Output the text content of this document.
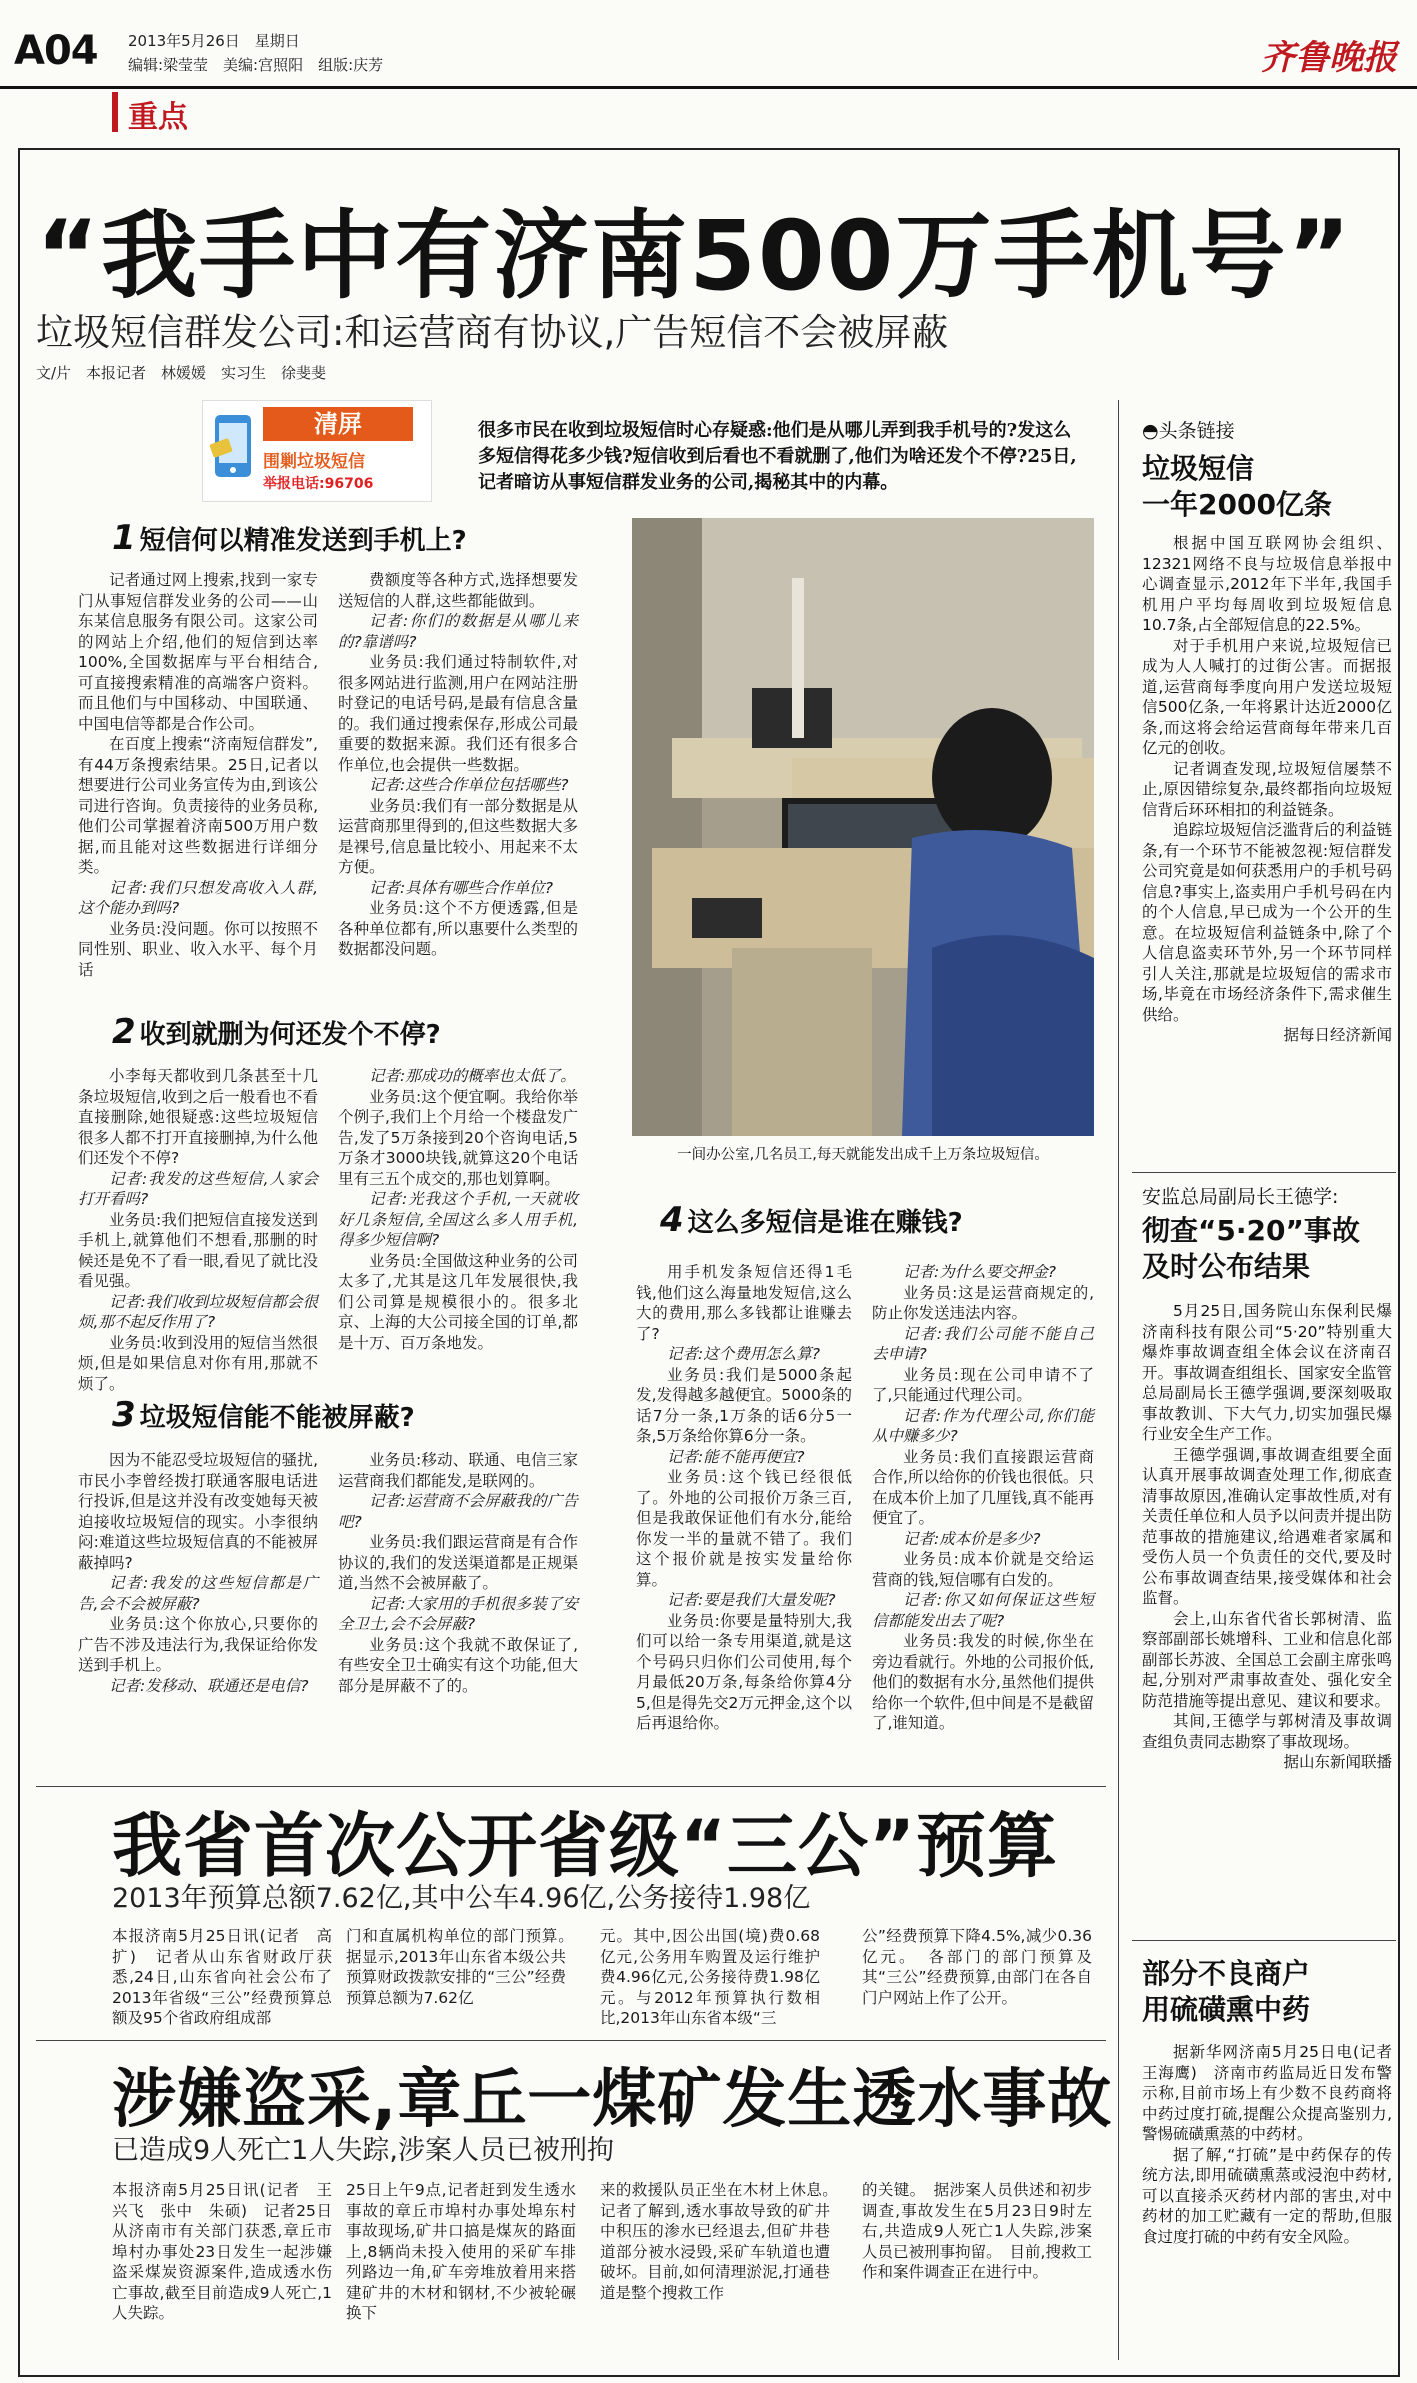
A04 2013年5月26日　星期日
编辑:梁莹莹　美编:宫照阳　组版:庆芳	齐鲁晚报
重点
“我手中有济南500万手机号”
垃圾短信群发公司:和运营商有协议,广告短信不会被屏蔽
文/片　本报记者　林媛媛　实习生　徐斐斐
清屏
围剿垃圾短信
举报电话:96706
很多市民在收到垃圾短信时心存疑惑:他们是从哪儿弄到我手机号的?发这么多短信得花多少钱?短信收到后看也不看就删了,他们为啥还发个不停?25日,记者暗访从事短信群发业务的公司,揭秘其中的内幕。
1 短信何以精准发送到手机上?

记者通过网上搜索,找到一家专门从事短信群发业务的公司——山东某信息服务有限公司。这家公司的网站上介绍,他们的短信到达率100%,全国数据库与平台相结合,可直接搜索精准的高端客户资料。而且他们与中国移动、中国联通、中国电信等都是合作公司。

在百度上搜索“济南短信群发”,有44万条搜索结果。25日,记者以想要进行公司业务宣传为由,到该公司进行咨询。负责接待的业务员称,他们公司掌握着济南500万用户数据,而且能对这些数据进行详细分类。

记者:我们只想发高收入人群,这个能办到吗?

业务员:没问题。你可以按照不同性别、职业、收入水平、每个月话

费额度等各种方式,选择想要发送短信的人群,这些都能做到。

记者:你们的数据是从哪儿来的?靠谱吗?

业务员:我们通过特制软件,对很多网站进行监测,用户在网站注册时登记的电话号码,是最有信息含量的。我们通过搜索保存,形成公司最重要的数据来源。我们还有很多合作单位,也会提供一些数据。

记者:这些合作单位包括哪些?

业务员:我们有一部分数据是从运营商那里得到的,但这些数据大多是裸号,信息量比较小、用起来不太方便。

记者:具体有哪些合作单位?

业务员:这个不方便透露,但是各种单位都有,所以惠要什么类型的数据都没问题。

一间办公室,几名员工,每天就能发出成千上万条垃圾短信。
2 收到就删为何还发个不停?

小李每天都收到几条甚至十几条垃圾短信,收到之后一般看也不看直接删除,她很疑惑:这些垃圾短信很多人都不打开直接删掉,为什么他们还发个不停?

记者:我发的这些短信,人家会打开看吗?

业务员:我们把短信直接发送到手机上,就算他们不想看,那删的时候还是免不了看一眼,看见了就比没看见强。

记者:我们收到垃圾短信都会很烦,那不起反作用了?

业务员:收到没用的短信当然很烦,但是如果信息对你有用,那就不烦了。

记者:那成功的概率也太低了。

业务员:这个便宜啊。我给你举个例子,我们上个月给一个楼盘发广告,发了5万条接到20个咨询电话,5万条才3000块钱,就算这20个电话里有三五个成交的,那也划算啊。

记者:光我这个手机,一天就收好几条短信,全国这么多人用手机,得多少短信啊?

业务员:全国做这种业务的公司太多了,尤其是这几年发展很快,我们公司算是规模很小的。很多北京、上海的大公司接全国的订单,都是十万、百万条地发。

3 垃圾短信能不能被屏蔽?

因为不能忍受垃圾短信的骚扰,市民小李曾经拨打联通客服电话进行投诉,但是这并没有改变她每天被迫接收垃圾短信的现实。小李很纳闷:难道这些垃圾短信真的不能被屏蔽掉吗?

记者:我发的这些短信都是广告,会不会被屏蔽?

业务员:这个你放心,只要你的广告不涉及违法行为,我保证给你发送到手机上。

记者:发移动、联通还是电信?

业务员:移动、联通、电信三家运营商我们都能发,是联网的。

记者:运营商不会屏蔽我的广告吧?

业务员:我们跟运营商是有合作协议的,我们的发送渠道都是正规渠道,当然不会被屏蔽了。

记者:大家用的手机很多装了安全卫士,会不会屏蔽?

业务员:这个我就不敢保证了,有些安全卫士确实有这个功能,但大部分是屏蔽不了的。

4 这么多短信是谁在赚钱?

用手机发条短信还得1毛钱,他们这么海量地发短信,这么大的费用,那么多钱都让谁赚去了?

记者:这个费用怎么算?

业务员:我们是5000条起发,发得越多越便宜。5000条的话7分一条,1万条的话6分5一条,5万条给你算6分一条。

记者:能不能再便宜?

业务员:这个钱已经很低了。外地的公司报价万条三百,但是我敢保证他们有水分,能给你发一半的量就不错了。我们这个报价就是按实发量给你算。

记者:要是我们大量发呢?

业务员:你要是量特别大,我们可以给一条专用渠道,就是这个号码只归你们公司使用,每个月最低20万条,每条给你算4分5,但是得先交2万元押金,这个以后再退给你。

记者:为什么要交押金?

业务员:这是运营商规定的,防止你发送违法内容。

记者:我们公司能不能自己去申请?

业务员:现在公司申请不了了,只能通过代理公司。

记者:作为代理公司,你们能从中赚多少?

业务员:我们直接跟运营商合作,所以给你的价钱也很低。只在成本价上加了几厘钱,真不能再便宜了。

记者:成本价是多少?

业务员:成本价就是交给运营商的钱,短信哪有白发的。

记者:你又如何保证这些短信都能发出去了呢?

业务员:我发的时候,你坐在旁边看就行。外地的公司报价低,他们的数据有水分,虽然他们提供给你一个软件,但中间是不是截留了,谁知道。

◓头条链接
垃圾短信
一年2000亿条

根据中国互联网协会组织、12321网络不良与垃圾信息举报中心调查显示,2012年下半年,我国手机用户平均每周收到垃圾短信息10.7条,占全部短信息的22.5%。

对于手机用户来说,垃圾短信已成为人人喊打的过街公害。而据报道,运营商每季度向用户发送垃圾短信500亿条,一年将累计达近2000亿条,而这将会给运营商每年带来几百亿元的创收。

记者调查发现,垃圾短信屡禁不止,原因错综复杂,最终都指向垃圾短信背后环环相扣的利益链条。

追踪垃圾短信泛滥背后的利益链条,有一个环节不能被忽视:短信群发公司究竟是如何获悉用户的手机号码信息?事实上,盗卖用户手机号码在内的个人信息,早已成为一个公开的生意。在垃圾短信利益链条中,除了个人信息盗卖环节外,另一个环节同样引人关注,那就是垃圾短信的需求市场,毕竟在市场经济条件下,需求催生供给。

据每日经济新闻
安监总局副局长王德学:
彻查“5·20”事故
及时公布结果

5月25日,国务院山东保利民爆济南科技有限公司“5·20”特别重大爆炸事故调查组全体会议在济南召开。事故调查组组长、国家安全监管总局副局长王德学强调,要深刻吸取事故教训、下大气力,切实加强民爆行业安全生产工作。

王德学强调,事故调查组要全面认真开展事故调查处理工作,彻底查清事故原因,准确认定事故性质,对有关责任单位和人员予以问责并提出防范事故的措施建议,给遇难者家属和受伤人员一个负责任的交代,要及时公布事故调查结果,接受媒体和社会监督。

会上,山东省代省长郭树清、监察部副部长姚增科、工业和信息化部副部长苏波、全国总工会副主席张鸣起,分别对严肃事故查处、强化安全防范措施等提出意见、建议和要求。

其间,王德学与郭树清及事故调查组负责同志勘察了事故现场。

据山东新闻联播
部分不良商户
用硫磺熏中药

据新华网济南5月25日电(记者　王海鹰)　济南市药监局近日发布警示称,目前市场上有少数不良药商将中药过度打硫,提醒公众提高鉴别力,警惕硫磺熏蒸的中药材。

据了解,“打硫”是中药保存的传统方法,即用硫磺熏蒸或浸泡中药材,可以直接杀灭药材内部的害虫,对中药材的加工贮藏有一定的帮助,但服食过度打硫的中药有安全风险。

我省首次公开省级“三公”预算
2013年预算总额7.62亿,其中公车4.96亿,公务接待1.98亿
本报济南5月25日讯(记者　高扩)　记者从山东省财政厅获悉,24日,山东省向社会公布了2013年省级“三公”经费预算总额及95个省政府组成部
门和直属机构单位的部门预算。　据显示,2013年山东省本级公共预算财政拨款安排的“三公”经费预算总额为7.62亿
元。其中,因公出国(境)费0.68亿元,公务用车购置及运行维护费4.96亿元,公务接待费1.98亿元。与2012年预算执行数相比,2013年山东省本级“三
公”经费预算下降4.5%,减少0.36亿元。　各部门的部门预算及其“三公”经费预算,由部门在各自门户网站上作了公开。
涉嫌盗采,章丘一煤矿发生透水事故
已造成9人死亡1人失踪,涉案人员已被刑拘
本报济南5月25日讯(记者　王兴飞　张中　朱硕)　记者25日从济南市有关部门获悉,章丘市埠村办事处23日发生一起涉嫌盗采煤炭资源案件,造成透水伤亡事故,截至目前造成9人死亡,1人失踪。
25日上午9点,记者赶到发生透水事故的章丘市埠村办事处埠东村事故现场,矿井口搞是煤灰的路面上,8辆尚未投入使用的采矿车排列路边一角,矿车旁堆放着用来搭建矿井的木材和钢材,不少被轮碾换下
来的救援队员正坐在木材上休息。　记者了解到,透水事故导致的矿井中积压的渗水已经退去,但矿井巷道部分被水浸毁,采矿车轨道也遭破坏。目前,如何清理淤泥,打通巷道是整个搜救工作
的关键。　据涉案人员供述和初步调查,事故发生在5月23日9时左右,共造成9人死亡1人失踪,涉案人员已被刑事拘留。　目前,搜救工作和案件调查正在进行中。
